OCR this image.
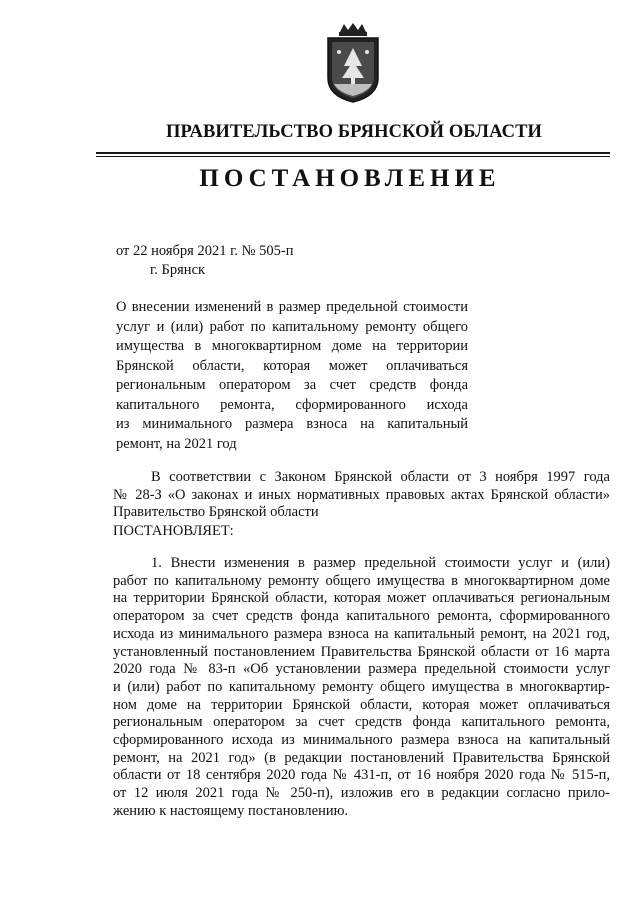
ПРАВИТЕЛЬСТВО БРЯНСКОЙ ОБЛАСТИ
ПОСТАНОВЛЕНИЕ
от 22 ноября 2021 г. № 505-п
г. Брянск
О внесении изменений в размер предельной стоимости
услуг и (или) работ по капитальному ремонту общего
имущества в многоквартирном доме на территории
Брянской области, которая может оплачиваться
региональным оператором за счет средств фонда
капитального ремонта, сформированного исхода
из минимального размера взноса на капитальный
ремонт, на 2021 год
В соответствии с Законом Брянской области от 3 ноября 1997 года
№ 28-З «О законах и иных нормативных правовых актах Брянской области»
Правительство Брянской области
ПОСТАНОВЛЯЕТ:
1. Внести изменения в размер предельной стоимости услуг и (или)
работ по капитальному ремонту общего имущества в многоквартирном доме
на территории Брянской области, которая может оплачиваться региональным
оператором за счет средств фонда капитального ремонта, сформированного
исхода из минимального размера взноса на капитальный ремонт, на 2021 год,
установленный постановлением Правительства Брянской области от 16 марта
2020 года № 83-п «Об установлении размера предельной стоимости услуг
и (или) работ по капитальному ремонту общего имущества в многоквартир-
ном доме на территории Брянской области, которая может оплачиваться
региональным оператором за счет средств фонда капитального ремонта,
сформированного исхода из минимального размера взноса на капитальный
ремонт, на 2021 год» (в редакции постановлений Правительства Брянской
области от 18 сентября 2020 года № 431-п, от 16 ноября 2020 года № 515-п,
от 12 июля 2021 года № 250-п), изложив его в редакции согласно прило-
жению к настоящему постановлению.
